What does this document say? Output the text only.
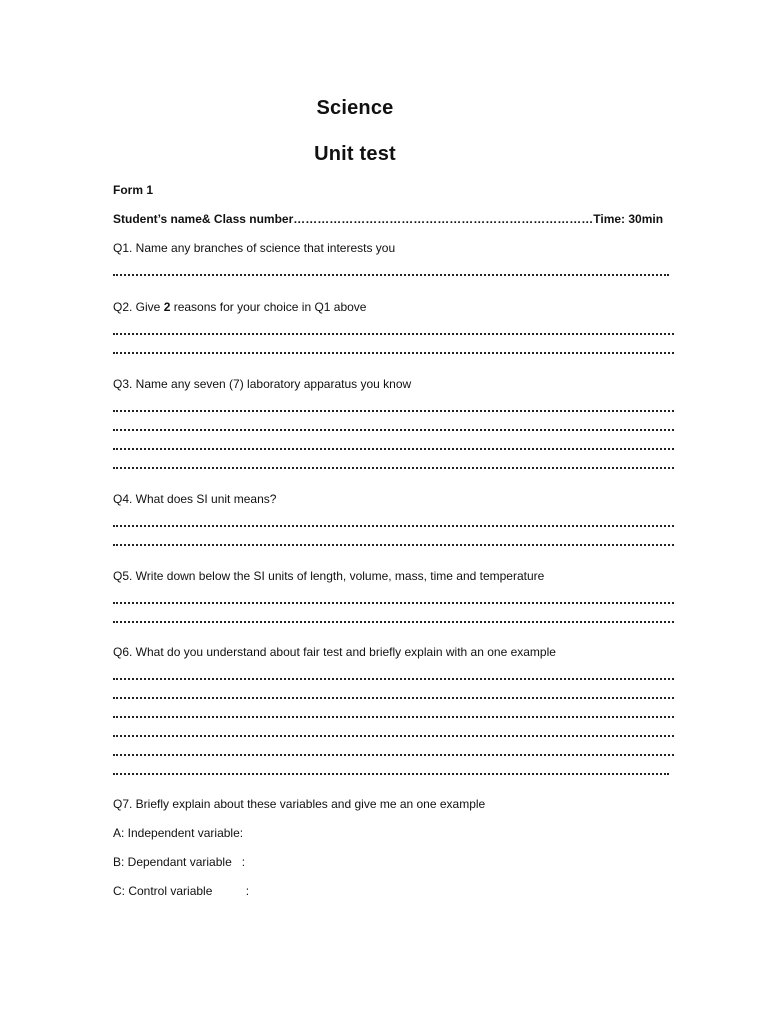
Science
Unit test
Form 1
Student’s name& Class number…………………………………………………………………Time: 30min
Q1. Name any branches of science that interests you
Q2. Give 2 reasons for your choice in Q1 above
Q3. Name any seven (7) laboratory apparatus you know
Q4. What does SI unit means?
Q5. Write down below the SI units of length, volume, mass, time and temperature
Q6. What do you understand about fair test and briefly explain with an one example
Q7. Briefly explain about these variables and give me an one example
A: Independent variable:
B: Dependant variable   :
C: Control variable          :
